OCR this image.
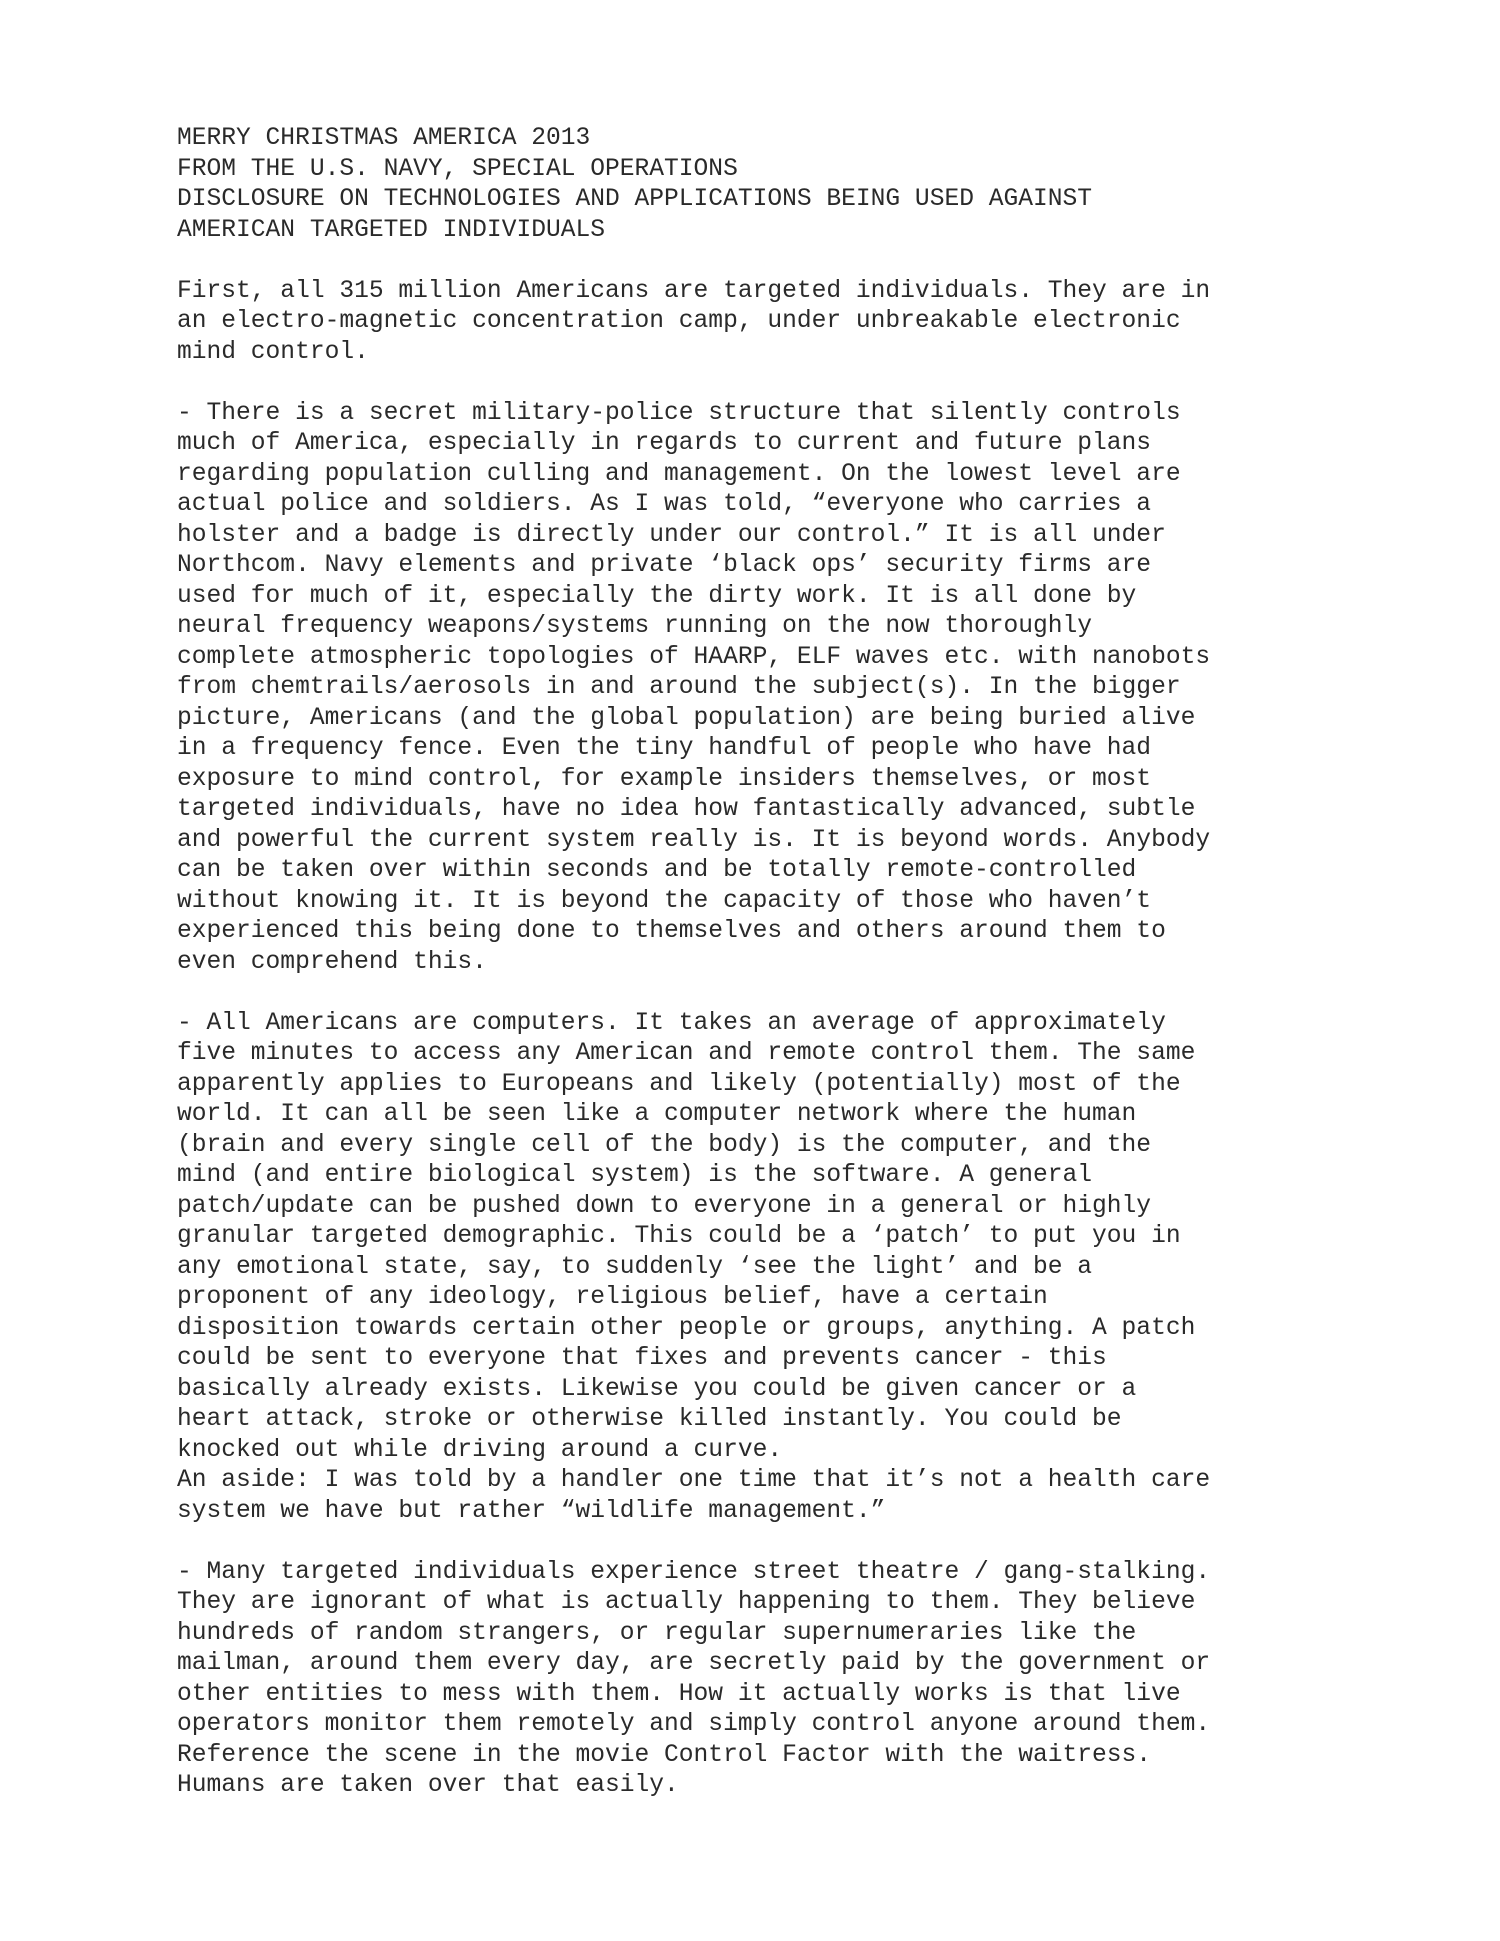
MERRY CHRISTMAS AMERICA 2013
FROM THE U.S. NAVY, SPECIAL OPERATIONS
DISCLOSURE ON TECHNOLOGIES AND APPLICATIONS BEING USED AGAINST
AMERICAN TARGETED INDIVIDUALS
First, all 315 million Americans are targeted individuals. They are in
an electro-magnetic concentration camp, under unbreakable electronic
mind control.
- There is a secret military-police structure that silently controls
much of America, especially in regards to current and future plans
regarding population culling and management. On the lowest level are
actual police and soldiers. As I was told, “everyone who carries a
holster and a badge is directly under our control.” It is all under
Northcom. Navy elements and private ‘black ops’ security firms are
used for much of it, especially the dirty work. It is all done by
neural frequency weapons/systems running on the now thoroughly
complete atmospheric topologies of HAARP, ELF waves etc. with nanobots
from chemtrails/aerosols in and around the subject(s). In the bigger
picture, Americans (and the global population) are being buried alive
in a frequency fence. Even the tiny handful of people who have had
exposure to mind control, for example insiders themselves, or most
targeted individuals, have no idea how fantastically advanced, subtle
and powerful the current system really is. It is beyond words. Anybody
can be taken over within seconds and be totally remote-controlled
without knowing it. It is beyond the capacity of those who haven’t
experienced this being done to themselves and others around them to
even comprehend this.
- All Americans are computers. It takes an average of approximately
five minutes to access any American and remote control them. The same
apparently applies to Europeans and likely (potentially) most of the
world. It can all be seen like a computer network where the human
(brain and every single cell of the body) is the computer, and the
mind (and entire biological system) is the software. A general
patch/update can be pushed down to everyone in a general or highly
granular targeted demographic. This could be a ‘patch’ to put you in
any emotional state, say, to suddenly ‘see the light’ and be a
proponent of any ideology, religious belief, have a certain
disposition towards certain other people or groups, anything. A patch
could be sent to everyone that fixes and prevents cancer - this
basically already exists. Likewise you could be given cancer or a
heart attack, stroke or otherwise killed instantly. You could be
knocked out while driving around a curve.
An aside: I was told by a handler one time that it’s not a health care
system we have but rather “wildlife management.”
- Many targeted individuals experience street theatre / gang-stalking.
They are ignorant of what is actually happening to them. They believe
hundreds of random strangers, or regular supernumeraries like the
mailman, around them every day, are secretly paid by the government or
other entities to mess with them. How it actually works is that live
operators monitor them remotely and simply control anyone around them.
Reference the scene in the movie Control Factor with the waitress.
Humans are taken over that easily.
